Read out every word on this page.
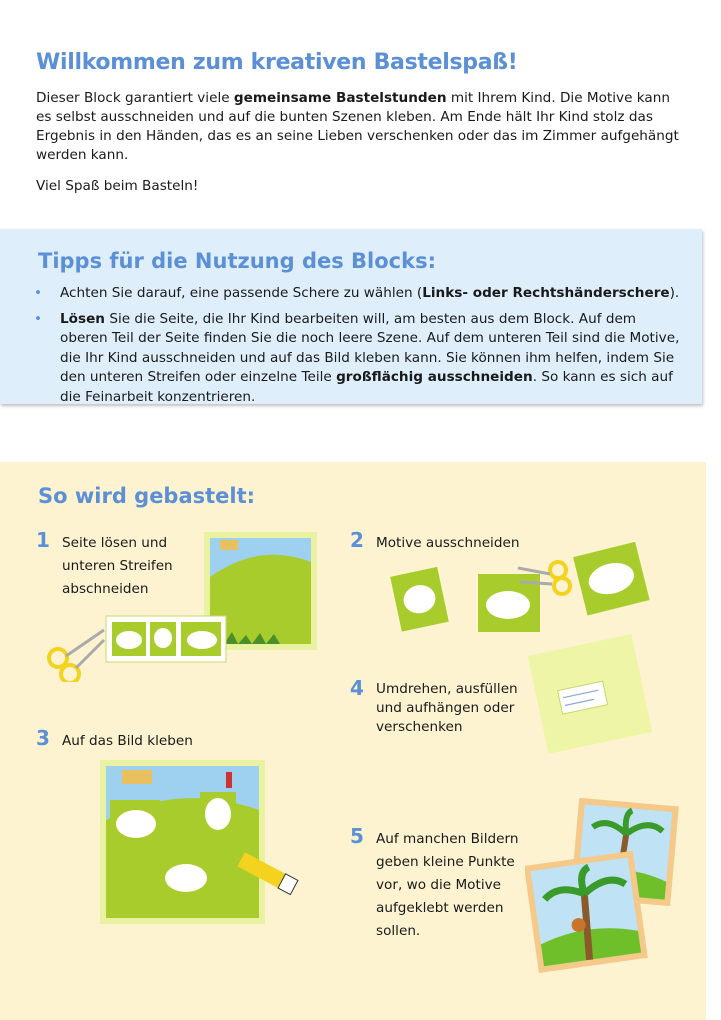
Willkommen zum kreativen Bastelspaß!

Dieser Block garantiert viele gemeinsame Bastelstunden mit Ihrem Kind. Die Motive kann es selbst ausschneiden und auf die bunten Szenen kleben. Am Ende hält Ihr Kind stolz das Ergebnis in den Händen, das es an seine Lieben verschenken oder das im Zimmer aufgehängt werden kann.

Viel Spaß beim Basteln!

Tipps für die Nutzung des Blocks:
• Achten Sie darauf, eine passende Schere zu wählen (Links- oder Rechtshänderschere).
• Lösen Sie die Seite, die Ihr Kind bearbeiten will, am besten aus dem Block. Auf dem oberen Teil der Seite finden Sie die noch leere Szene. Auf dem unteren Teil sind die Motive, die Ihr Kind ausschneiden und auf das Bild kleben kann. Sie können ihm helfen, indem Sie den unteren Streifen oder einzelne Teile großflächig ausschneiden. So kann es sich auf die Feinarbeit konzentrieren.
So wird gebastelt:
1 Seite lösen und unteren Streifen abschneiden
2 Motive ausschneiden
3 Auf das Bild kleben
4 Umdrehen, ausfüllen und aufhängen oder verschenken
5 Auf manchen Bildern geben kleine Punkte vor, wo die Motive aufgeklebt werden sollen.
